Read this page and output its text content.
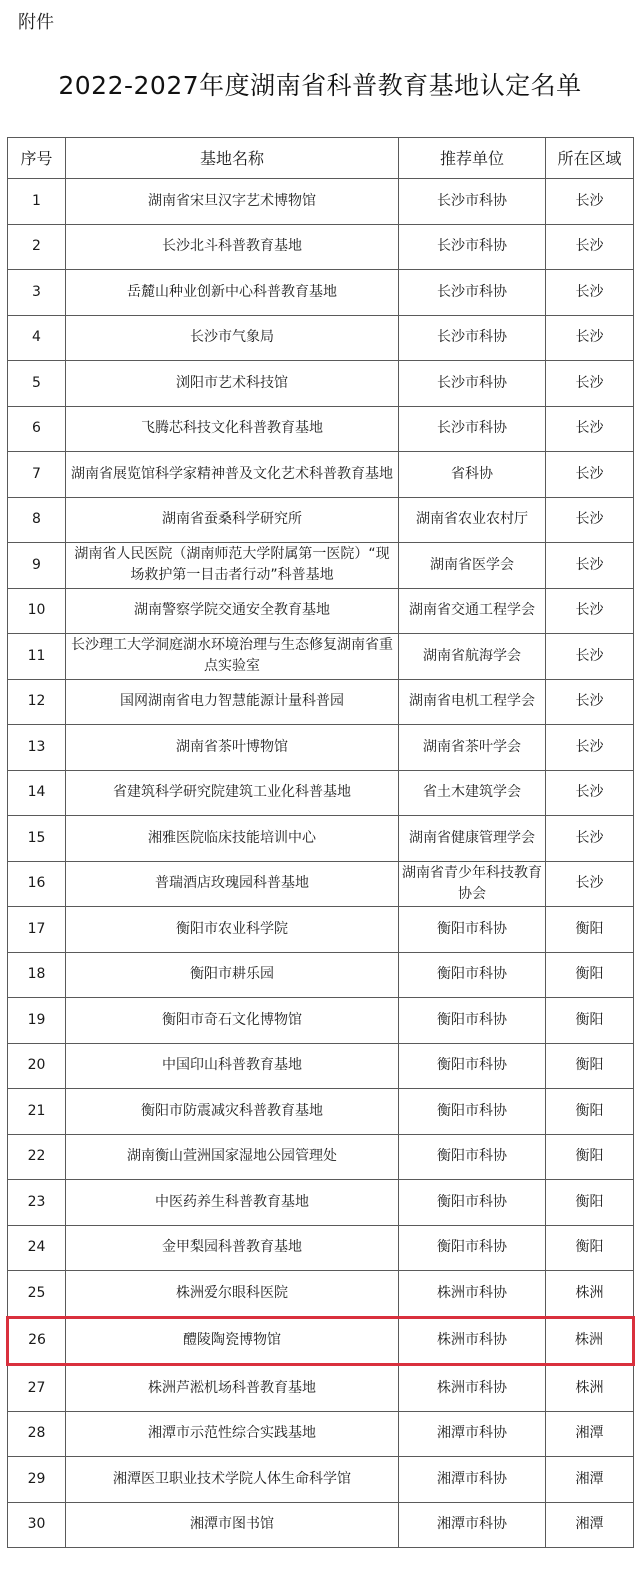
附件
2022-2027年度湖南省科普教育基地认定名单
序号	基地名称	推荐单位	所在区域
1	湖南省宋旦汉字艺术博物馆	长沙市科协	长沙
2	长沙北斗科普教育基地	长沙市科协	长沙
3	岳麓山种业创新中心科普教育基地	长沙市科协	长沙
4	长沙市气象局	长沙市科协	长沙
5	浏阳市艺术科技馆	长沙市科协	长沙
6	飞腾芯科技文化科普教育基地	长沙市科协	长沙
7	湖南省展览馆科学家精神普及文化艺术科普教育基地	省科协	长沙
8	湖南省蚕桑科学研究所	湖南省农业农村厅	长沙
9	湖南省人民医院（湖南师范大学附属第一医院）“现场救护第一目击者行动”科普基地	湖南省医学会	长沙
10	湖南警察学院交通安全教育基地	湖南省交通工程学会	长沙
11	长沙理工大学洞庭湖水环境治理与生态修复湖南省重点实验室	湖南省航海学会	长沙
12	国网湖南省电力智慧能源计量科普园	湖南省电机工程学会	长沙
13	湖南省茶叶博物馆	湖南省茶叶学会	长沙
14	省建筑科学研究院建筑工业化科普基地	省土木建筑学会	长沙
15	湘雅医院临床技能培训中心	湖南省健康管理学会	长沙
16	普瑞酒店玫瑰园科普基地	湖南省青少年科技教育协会	长沙
17	衡阳市农业科学院	衡阳市科协	衡阳
18	衡阳市耕乐园	衡阳市科协	衡阳
19	衡阳市奇石文化博物馆	衡阳市科协	衡阳
20	中国印山科普教育基地	衡阳市科协	衡阳
21	衡阳市防震减灾科普教育基地	衡阳市科协	衡阳
22	湖南衡山萱洲国家湿地公园管理处	衡阳市科协	衡阳
23	中医药养生科普教育基地	衡阳市科协	衡阳
24	金甲梨园科普教育基地	衡阳市科协	衡阳
25	株洲爱尔眼科医院	株洲市科协	株洲
26	醴陵陶瓷博物馆	株洲市科协	株洲
27	株洲芦淞机场科普教育基地	株洲市科协	株洲
28	湘潭市示范性综合实践基地	湘潭市科协	湘潭
29	湘潭医卫职业技术学院人体生命科学馆	湘潭市科协	湘潭
30	湘潭市图书馆	湘潭市科协	湘潭
